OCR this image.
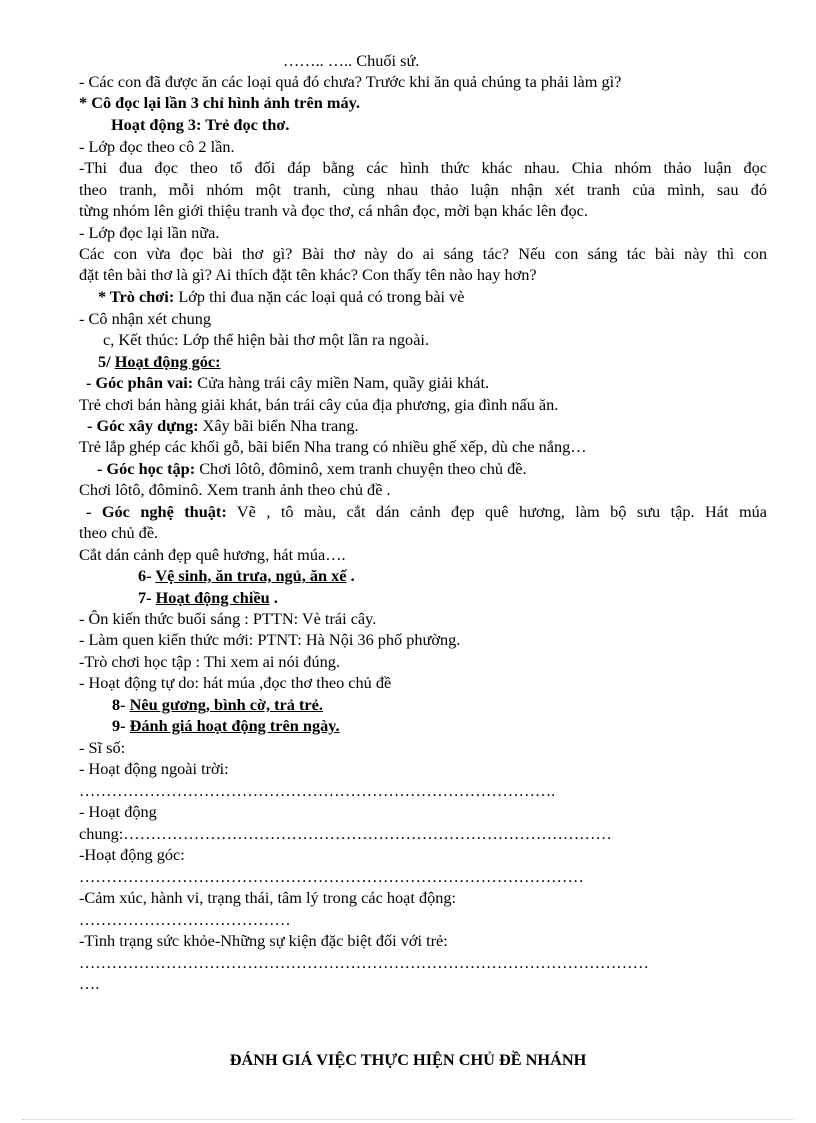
…….. ….. Chuối sứ.
- Các con đã được ăn các loại quả đó chưa? Trước khi ăn quả chúng ta phải làm gì?
* Cô đọc lại lần 3 chỉ hình ảnh trên máy.
Hoạt động 3: Trẻ đọc thơ.
- Lớp đọc theo cô 2 lần.
-Thi đua đọc theo tổ đối đáp bằng các hình thức khác nhau. Chia nhóm thảo luận đọc
theo tranh, mỗi nhóm một tranh, cùng nhau thảo luận nhận xét tranh của mình, sau đó
từng nhóm lên giới thiệu tranh và đọc thơ, cá nhân đọc, mời bạn khác lên đọc.
- Lớp đọc lại lần nữa.
Các con vừa đọc bài thơ gì? Bài thơ này do ai sáng tác? Nếu con sáng tác bài này thì con
đặt tên bài thơ là gì? Ai thích đặt tên khác? Con thấy tên nào hay hơn?
* Trò chơi: Lớp thi đua nặn các loại quả có trong bài vè
- Cô nhận xét chung
c, Kết thúc: Lớp thể hiện bài thơ một lần ra ngoài.
5/ Hoạt động góc:
- Góc phân vai: Cửa hàng trái cây miền Nam, quầy giải khát.
Trẻ chơi bán hàng giải khát, bán trái cây của địa phương, gia đình nấu ăn.
- Góc xây dựng: Xây bãi biển Nha trang.
Trẻ lắp ghép các khối gỗ, bãi biển Nha trang có nhiều ghế xếp, dù che nắng…
- Góc học tập: Chơi lôtô, đôminô, xem tranh chuyện theo chủ đề.
Chơi lôtô, đôminô. Xem tranh ảnh theo chủ đề .
- Góc nghệ thuật: Vẽ , tô màu, cắt dán cảnh đẹp quê hương, làm bộ sưu tập. Hát múa
theo chủ đề.
Cắt dán cảnh đẹp quê hương, hát múa….
6- Vệ sinh, ăn trưa, ngủ, ăn xế .
7- Hoạt động chiều .
- Ôn kiến thức buổi sáng : PTTN: Vè trái cây.
- Làm quen kiến thức mới: PTNT: Hà Nội 36 phố phường.
-Trò chơi học tập : Thi xem ai nói đúng.
- Hoạt động tự do: hát múa ,đọc thơ theo chủ đề
8- Nêu gương, bình cờ, trả trẻ.
9- Đánh giá hoạt động trên ngày.
- Sĩ số:
- Hoạt động ngoài trời:
…………………………………………………………………………….
- Hoạt động
chung:………………………………………………………………………………
-Hoạt động góc:
…………………………………………………………………………………
-Cảm xúc, hành vi, trạng thái, tâm lý trong các hoạt động:
…………………………………
-Tình trạng sức khỏe-Những sự kiện đặc biệt đối với trẻ:
……………………………………………………………………………………………
….
ĐÁNH GIÁ VIỆC THỰC HIỆN CHỦ ĐỀ NHÁNH
